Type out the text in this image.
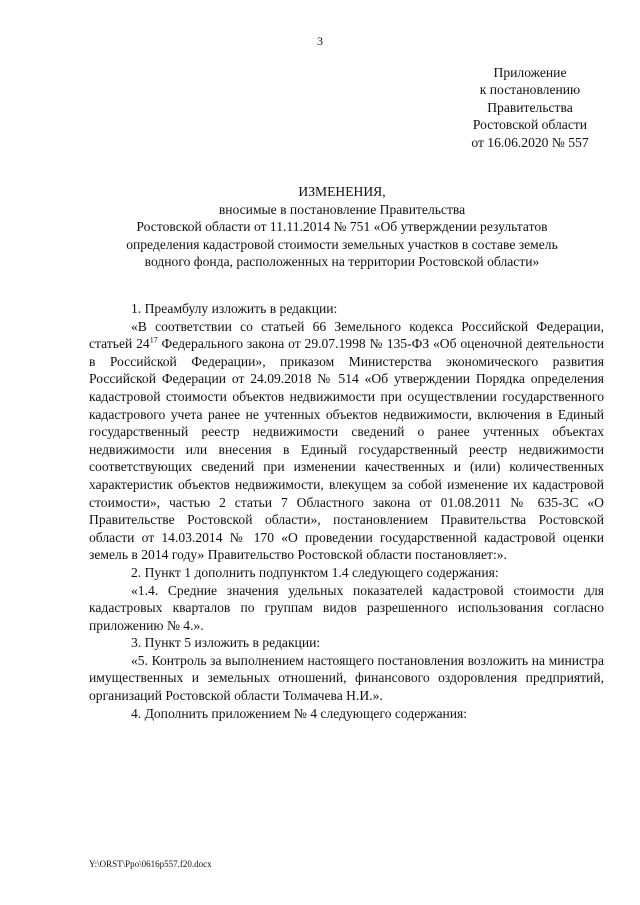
3
Приложение
к постановлению
Правительства
Ростовской области
от 16.06.2020 № 557
ИЗМЕНЕНИЯ,
вносимые в постановление Правительства
Ростовской области от 11.11.2014 № 751 «Об утверждении результатов
определения кадастровой стоимости земельных участков в составе земель
водного фонда, расположенных на территории Ростовской области»

1. Преамбулу изложить в редакции:

«В соответствии со статьей 66 Земельного кодекса Российской Федерации, статьей $24^{17}$ Федерального закона от 29.07.1998 № 135-ФЗ «Об оценочной деятельности в Российской Федерации», приказом Министерства экономического развития Российской Федерации от 24.09.2018 № 514 «Об утверждении Порядка определения кадастровой стоимости объектов недвижимости при осуществлении государственного кадастрового учета ранее не учтенных объектов недвижимости, включения в Единый государственный реестр недвижимости сведений о ранее учтенных объектах недвижимости или внесения в Единый государственный реестр недвижимости соответствующих сведений при изменении качественных и (или) количественных характеристик объектов недвижимости, влекущем за собой изменение их кадастровой стоимости», частью 2 статьи 7 Областного закона от 01.08.2011 № 635-ЗС «О Правительстве Ростовской области», постановлением Правительства Ростовской области от 14.03.2014 № 170 «О проведении государственной кадастровой оценки земель в 2014 году» Правительство Ростовской области постановляет:».

2. Пункт 1 дополнить подпунктом 1.4 следующего содержания:

«1.4. Средние значения удельных показателей кадастровой стоимости для кадастровых кварталов по группам видов разрешенного использования согласно приложению № 4.».

3. Пункт 5 изложить в редакции:

«5. Контроль за выполнением настоящего постановления возложить на министра имущественных и земельных отношений, финансового оздоровления предприятий, организаций Ростовской области Толмачева Н.И.».

4. Дополнить приложением № 4 следующего содержания:

Y:\ORST\Ppo\0616p557.f20.docx
